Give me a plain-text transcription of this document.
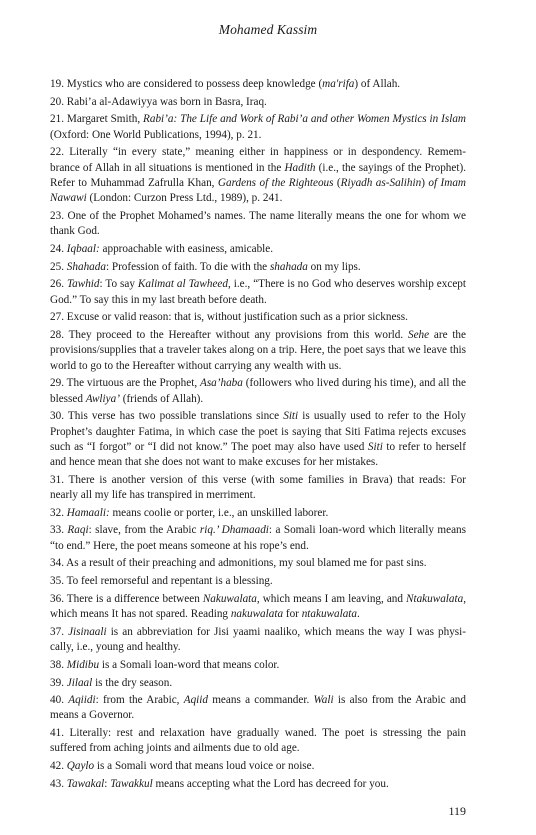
Mohamed Kassim

19. Mystics who are considered to possess deep knowledge (ma'rifa) of Allah.

20. Rabi’a al-Adawiyya was born in Basra, Iraq.

21. Margaret Smith, Rabi’a: The Life and Work of Rabi’a and other Women Mystics in Islam (Oxford: One World Publications, 1994), p. 21.

22. Literally “in every state,” meaning either in happiness or in despondency. Remem-brance of Allah in all situations is mentioned in the Hadith (i.e., the sayings of the Prophet). Refer to Muhammad Zafrulla Khan, Gardens of the Righteous (Riyadh as-Salihin) of Imam Nawawi (London: Curzon Press Ltd., 1989), p. 241.

23. One of the Prophet Mohamed’s names. The name literally means the one for whom we thank God.

24. Iqbaal: approachable with easiness, amicable.

25. Shahada: Profession of faith. To die with the shahada on my lips.

26. Tawhid: To say Kalimat al Tawheed, i.e., “There is no God who deserves worship except God.” To say this in my last breath before death.

27. Excuse or valid reason: that is, without justification such as a prior sickness.

28. They proceed to the Hereafter without any provisions from this world. Sehe are the provisions/supplies that a traveler takes along on a trip. Here, the poet says that we leave this world to go to the Hereafter without carrying any wealth with us.

29. The virtuous are the Prophet, Asa’haba (followers who lived during his time), and all the blessed Awliya’ (friends of Allah).

30. This verse has two possible translations since Siti is usually used to refer to the Holy Prophet’s daughter Fatima, in which case the poet is saying that Siti Fatima rejects excuses such as “I forgot” or “I did not know.” The poet may also have used Siti to refer to herself and hence mean that she does not want to make excuses for her mistakes.

31. There is another version of this verse (with some families in Brava) that reads: For nearly all my life has transpired in merriment.

32. Hamaali: means coolie or porter, i.e., an unskilled laborer.

33. Raqi: slave, from the Arabic riq.’ Dhamaadi: a Somali loan-word which literally means “to end.” Here, the poet means someone at his rope’s end.

34. As a result of their preaching and admonitions, my soul blamed me for past sins.

35. To feel remorseful and repentant is a blessing.

36. There is a difference between Nakuwalata, which means I am leaving, and Ntakuwalata, which means It has not spared. Reading nakuwalata for ntakuwalata.

37. Jisinaali is an abbreviation for Jisi yaami naaliko, which means the way I was physi-cally, i.e., young and healthy.

38. Midibu is a Somali loan-word that means color.

39. Jilaal is the dry season.

40. Aqiidi: from the Arabic, Aqiid means a commander. Wali is also from the Arabic and means a Governor.

41. Literally: rest and relaxation have gradually waned. The poet is stressing the pain suffered from aching joints and ailments due to old age.

42. Qaylo is a Somali word that means loud voice or noise.

43. Tawakal: Tawakkul means accepting what the Lord has decreed for you.

119
